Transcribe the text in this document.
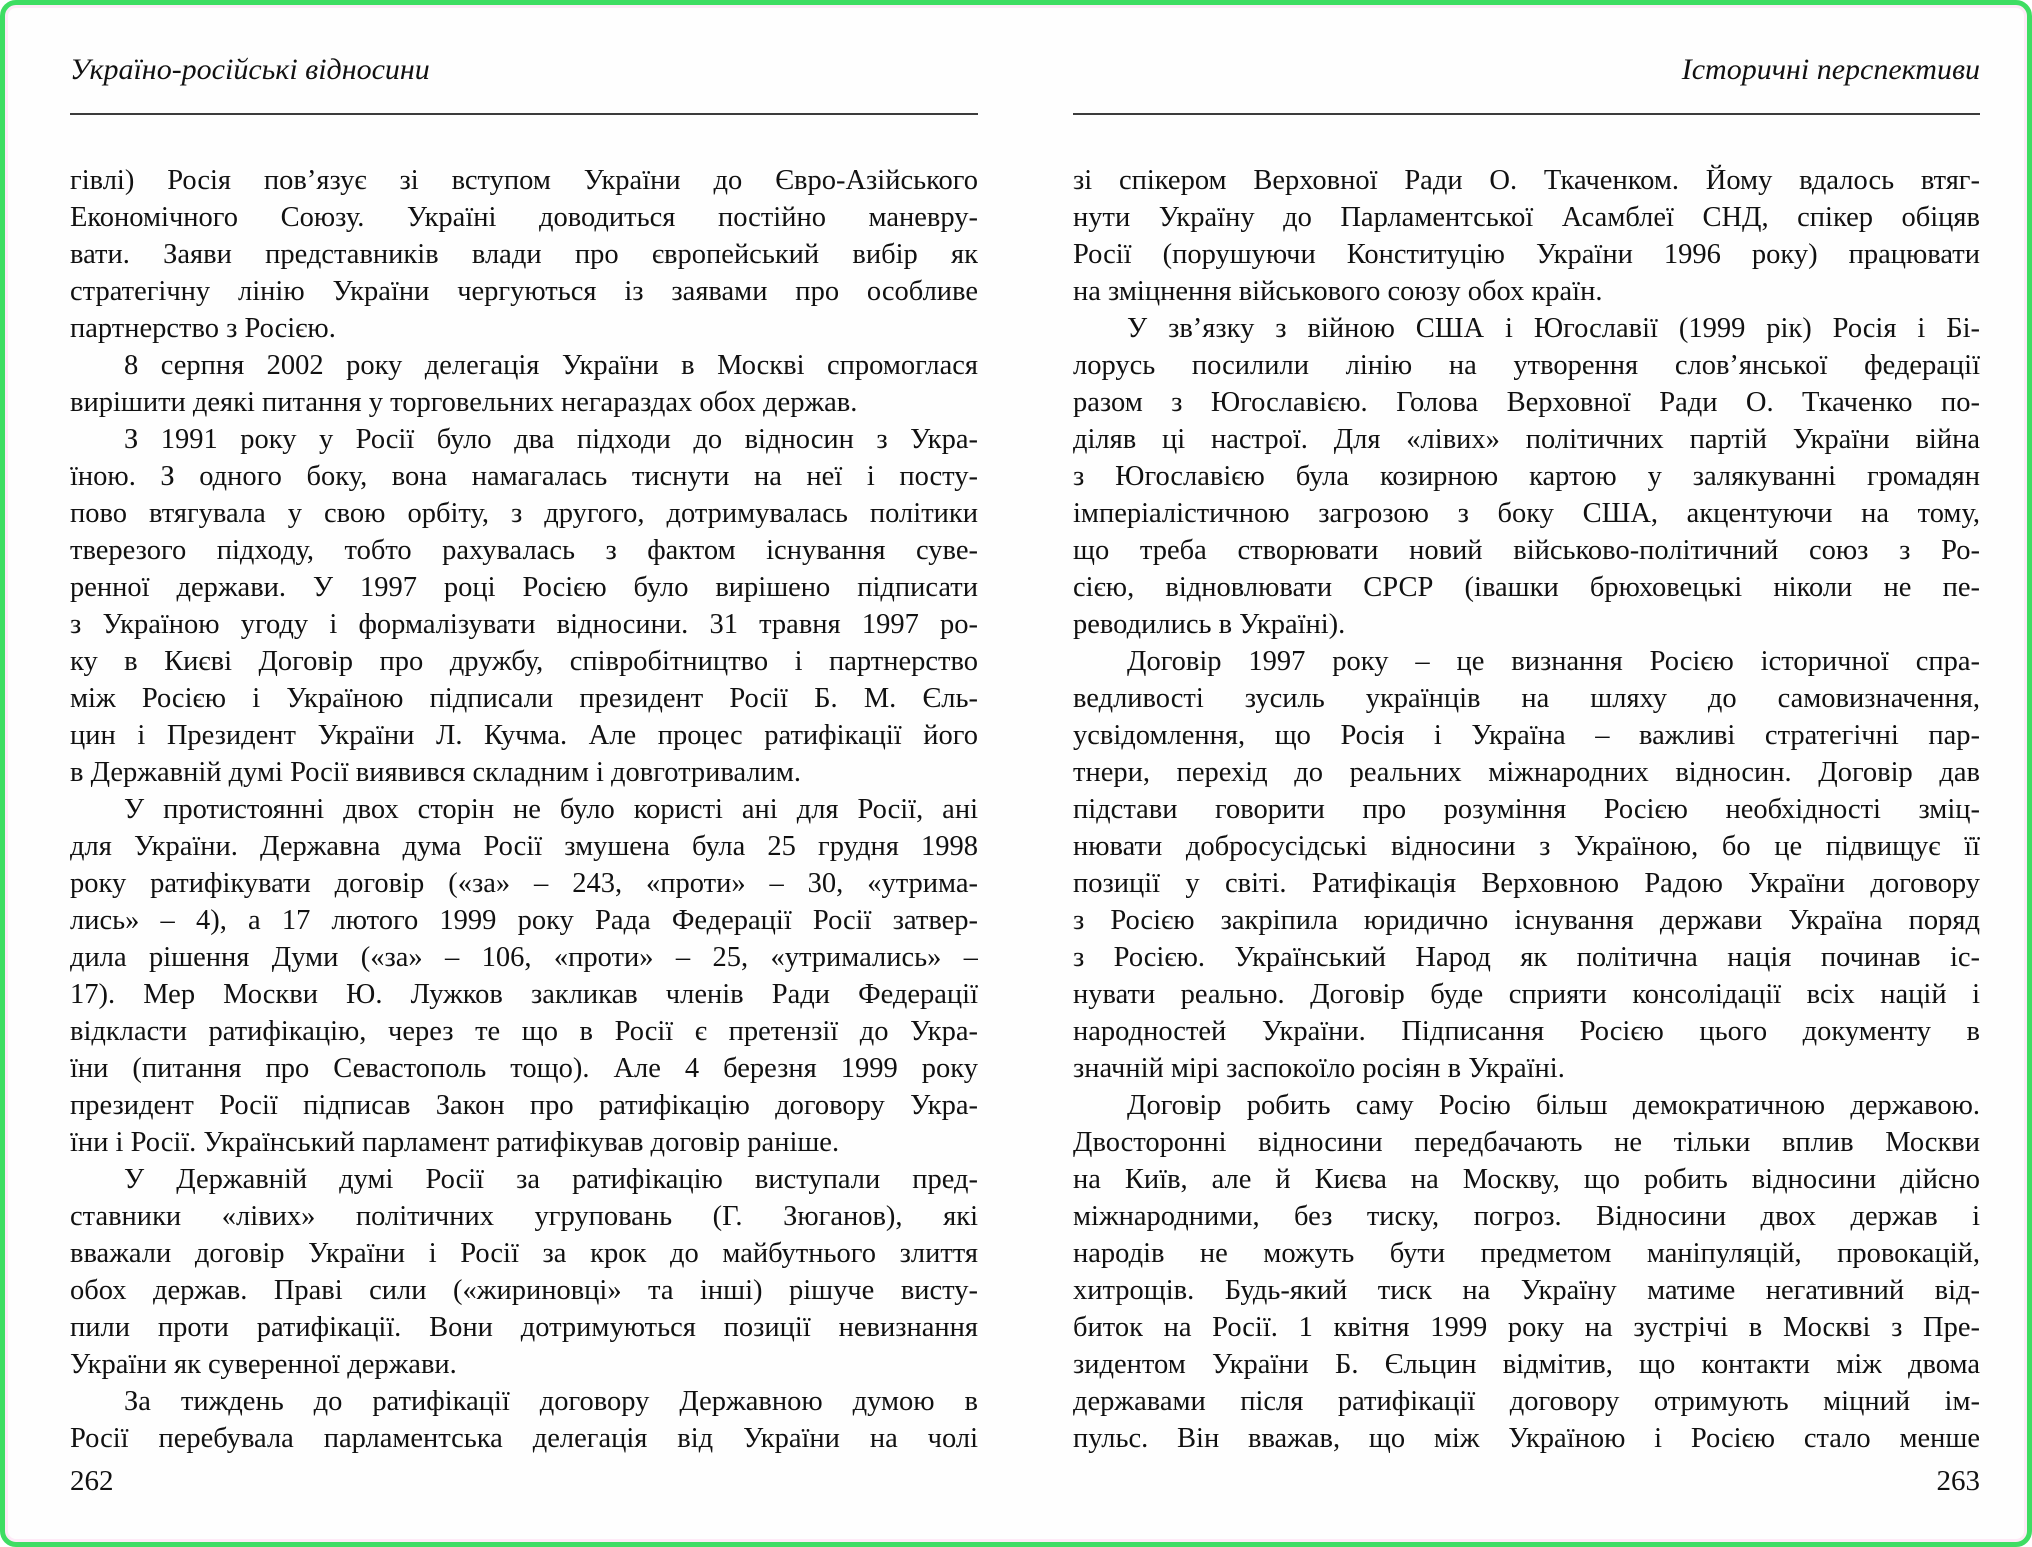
Україно-російські відносини
гівлі) Росія пов’язує зі вступом України до Євро-Азійського
Економічного Союзу. Україні доводиться постійно маневру-
вати. Заяви представників влади про європейський вибір як
стратегічну лінію України чергуються із заявами про особливе
партнерство з Росією.
8 серпня 2002 року делегація України в Москві спромоглася
вирішити деякі питання у торговельних негараздах обох держав.
З 1991 року у Росії було два підходи до відносин з Укра-
їною. З одного боку, вона намагалась тиснути на неї і посту-
пово втягувала у свою орбіту, з другого, дотримувалась політики
тверезого підходу, тобто рахувалась з фактом існування суве-
ренної держави. У 1997 році Росією було вирішено підписати
з Україною угоду і формалізувати відносини. 31 травня 1997 ро-
ку в Києві Договір про дружбу, співробітництво і партнерство
між Росією і Україною підписали президент Росії Б. М. Єль-
цин і Президент України Л. Кучма. Але процес ратифікації його
в Державній думі Росії виявився складним і довготривалим.
У протистоянні двох сторін не було користі ані для Росії, ані
для України. Державна дума Росії змушена була 25 грудня 1998
року ратифікувати договір («за» – 243, «проти» – 30, «утрима-
лись» – 4), а 17 лютого 1999 року Рада Федерації Росії затвер-
дила рішення Думи («за» – 106, «проти» – 25, «утримались» –
17). Мер Москви Ю. Лужков закликав членів Ради Федерації
відкласти ратифікацію, через те що в Росії є претензії до Укра-
їни (питання про Севастополь тощо). Але 4 березня 1999 року
президент Росії підписав Закон про ратифікацію договору Укра-
їни і Росії. Український парламент ратифікував договір раніше.
У Державній думі Росії за ратифікацію виступали пред-
ставники «лівих» політичних угруповань (Г. Зюганов), які
вважали договір України і Росії за крок до майбутнього злиття
обох держав. Праві сили («жириновці» та інші) рішуче висту-
пили проти ратифікації. Вони дотримуються позиції невизнання
України як суверенної держави.
За тиждень до ратифікації договору Державною думою в
Росії перебувала парламентська делегація від України на чолі
262
Історичні перспективи
зі спікером Верховної Ради О. Ткаченком. Йому вдалось втяг-
нути Україну до Парламентської Асамблеї СНД, спікер обіцяв
Росії (порушуючи Конституцію України 1996 року) працювати
на зміцнення військового союзу обох країн.
У зв’язку з війною США і Югославії (1999 рік) Росія і Бі-
лорусь посилили лінію на утворення слов’янської федерації
разом з Югославією. Голова Верховної Ради О. Ткаченко по-
діляв ці настрої. Для «лівих» політичних партій України війна
з Югославією була козирною картою у залякуванні громадян
імперіалістичною загрозою з боку США, акцентуючи на тому,
що треба створювати новий військово-політичний союз з Ро-
сією, відновлювати СРСР (івашки брюховецькі ніколи не пе-
реводились в Україні).
Договір 1997 року – це визнання Росією історичної спра-
ведливості зусиль українців на шляху до самовизначення,
усвідомлення, що Росія і Україна – важливі стратегічні пар-
тнери, перехід до реальних міжнародних відносин. Договір дав
підстави говорити про розуміння Росією необхідності зміц-
нювати добросусідські відносини з Україною, бо це підвищує її
позиції у світі. Ратифікація Верховною Радою України договору
з Росією закріпила юридично існування держави Україна поряд
з Росією. Український Народ як політична нація починав іс-
нувати реально. Договір буде сприяти консолідації всіх націй і
народностей України. Підписання Росією цього документу в
значній мірі заспокоїло росіян в Україні.
Договір робить саму Росію більш демократичною державою.
Двосторонні відносини передбачають не тільки вплив Москви
на Київ, але й Києва на Москву, що робить відносини дійсно
міжнародними, без тиску, погроз. Відносини двох держав і
народів не можуть бути предметом маніпуляцій, провокацій,
хитрощів. Будь-який тиск на Україну матиме негативний від-
биток на Росії. 1 квітня 1999 року на зустрічі в Москві з Пре-
зидентом України Б. Єльцин відмітив, що контакти між двома
державами після ратифікації договору отримують міцний ім-
пульс. Він вважав, що між Україною і Росією стало менше
263
